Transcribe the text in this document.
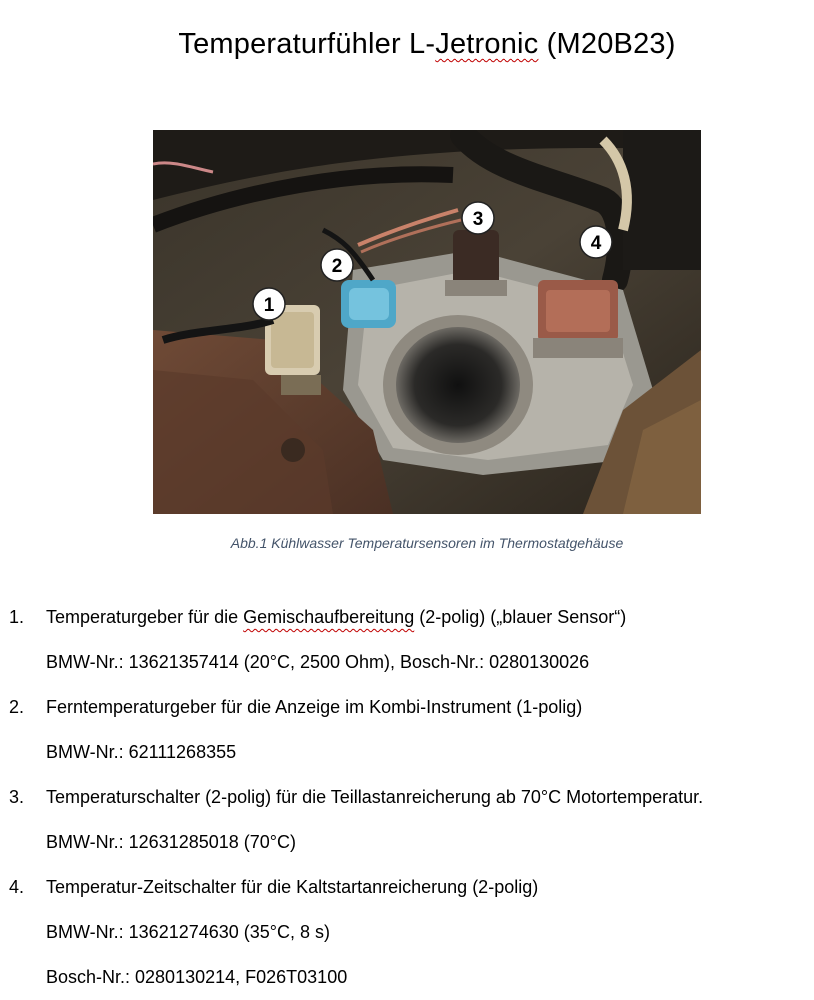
Temperaturfühler L-Jetronic (M20B23)
1
2
3
4
Abb.1 Kühlwasser Temperatursensoren im Thermostatgehäuse
1. Temperaturgeber für die Gemischaufbereitung (2-polig) („blauer Sensor“)
BMW-Nr.: 13621357414 (20°C, 2500 Ohm), Bosch-Nr.: 0280130026
2. Ferntemperaturgeber für die Anzeige im Kombi-Instrument (1-polig)
BMW-Nr.: 62111268355
3. Temperaturschalter (2-polig) für die Teillastanreicherung ab 70°C Motortemperatur.
BMW-Nr.: 12631285018 (70°C)
4. Temperatur-Zeitschalter für die Kaltstartanreicherung (2-polig)
BMW-Nr.: 13621274630 (35°C, 8 s)
Bosch-Nr.: 0280130214, F026T03100
